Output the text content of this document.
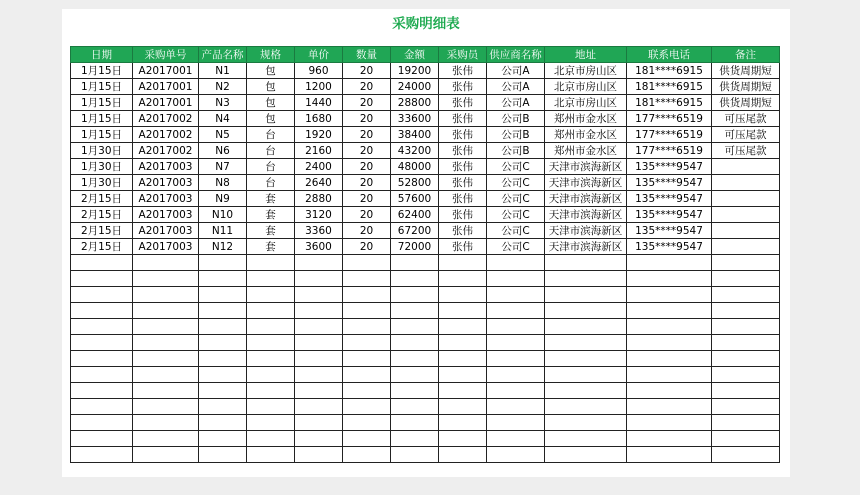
采购明细表
日期	采购单号	产品名称	规格	单价	数量	金额	采购员	供应商名称	地址	联系电话	备注
1月15日	A2017001	N1	包	960	20	19200	张伟	公司A	北京市房山区	181****6915	供货周期短
1月15日	A2017001	N2	包	1200	20	24000	张伟	公司A	北京市房山区	181****6915	供货周期短
1月15日	A2017001	N3	包	1440	20	28800	张伟	公司A	北京市房山区	181****6915	供货周期短
1月15日	A2017002	N4	包	1680	20	33600	张伟	公司B	郑州市金水区	177****6519	可压尾款
1月15日	A2017002	N5	台	1920	20	38400	张伟	公司B	郑州市金水区	177****6519	可压尾款
1月30日	A2017002	N6	台	2160	20	43200	张伟	公司B	郑州市金水区	177****6519	可压尾款
1月30日	A2017003	N7	台	2400	20	48000	张伟	公司C	天津市滨海新区	135****9547	
1月30日	A2017003	N8	台	2640	20	52800	张伟	公司C	天津市滨海新区	135****9547	
2月15日	A2017003	N9	套	2880	20	57600	张伟	公司C	天津市滨海新区	135****9547	
2月15日	A2017003	N10	套	3120	20	62400	张伟	公司C	天津市滨海新区	135****9547	
2月15日	A2017003	N11	套	3360	20	67200	张伟	公司C	天津市滨海新区	135****9547	
2月15日	A2017003	N12	套	3600	20	72000	张伟	公司C	天津市滨海新区	135****9547	
